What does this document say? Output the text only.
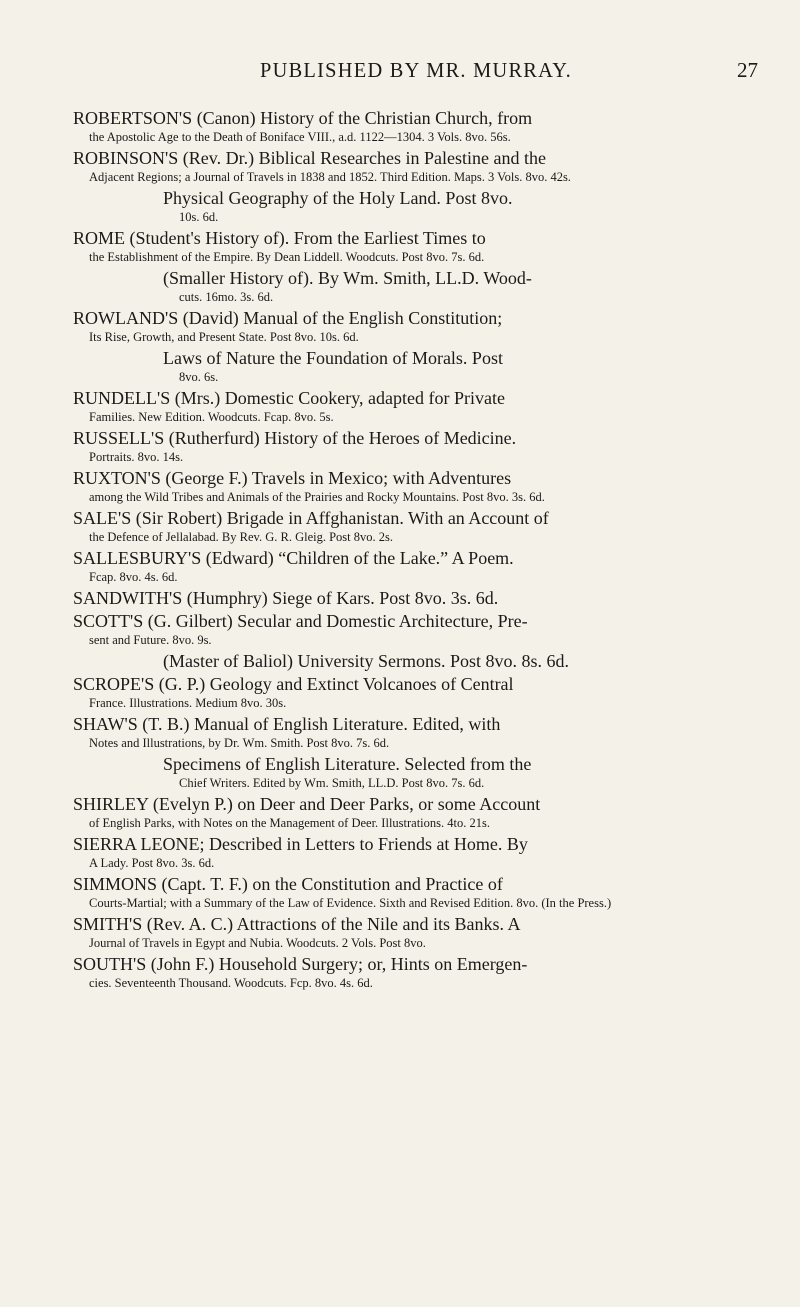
PUBLISHED BY MR. MURRAY.	27
ROBERTSON'S (Canon) History of the Christian Church, from
the Apostolic Age to the Death of Boniface VIII., a.d. 1122—1304. 3 Vols. 8vo. 56s.
ROBINSON'S (Rev. Dr.) Biblical Researches in Palestine and the
Adjacent Regions; a Journal of Travels in 1838 and 1852. Third Edition. Maps. 3 Vols. 8vo. 42s.
Physical Geography of the Holy Land. Post 8vo.
10s. 6d.
ROME (Student's History of). From the Earliest Times to
the Establishment of the Empire. By Dean Liddell. Woodcuts. Post 8vo. 7s. 6d.
(Smaller History of). By Wm. Smith, LL.D. Wood-
cuts. 16mo. 3s. 6d.
ROWLAND'S (David) Manual of the English Constitution;
Its Rise, Growth, and Present State. Post 8vo. 10s. 6d.
Laws of Nature the Foundation of Morals. Post
8vo. 6s.
RUNDELL'S (Mrs.) Domestic Cookery, adapted for Private
Families. New Edition. Woodcuts. Fcap. 8vo. 5s.
RUSSELL'S (Rutherfurd) History of the Heroes of Medicine.
Portraits. 8vo. 14s.
RUXTON'S (George F.) Travels in Mexico; with Adventures
among the Wild Tribes and Animals of the Prairies and Rocky Mountains. Post 8vo. 3s. 6d.
SALE'S (Sir Robert) Brigade in Affghanistan. With an Account of
the Defence of Jellalabad. By Rev. G. R. Gleig. Post 8vo. 2s.
SALLESBURY'S (Edward) “Children of the Lake.” A Poem.
Fcap. 8vo. 4s. 6d.
SANDWITH'S (Humphry) Siege of Kars. Post 8vo. 3s. 6d.
SCOTT'S (G. Gilbert) Secular and Domestic Architecture, Pre-
sent and Future. 8vo. 9s.
(Master of Baliol) University Sermons. Post 8vo. 8s. 6d.
SCROPE'S (G. P.) Geology and Extinct Volcanoes of Central
France. Illustrations. Medium 8vo. 30s.
SHAW'S (T. B.) Manual of English Literature. Edited, with
Notes and Illustrations, by Dr. Wm. Smith. Post 8vo. 7s. 6d.
Specimens of English Literature. Selected from the
Chief Writers. Edited by Wm. Smith, LL.D. Post 8vo. 7s. 6d.
SHIRLEY (Evelyn P.) on Deer and Deer Parks, or some Account
of English Parks, with Notes on the Management of Deer. Illustrations. 4to. 21s.
SIERRA LEONE; Described in Letters to Friends at Home. By
A Lady. Post 8vo. 3s. 6d.
SIMMONS (Capt. T. F.) on the Constitution and Practice of
Courts-Martial; with a Summary of the Law of Evidence. Sixth and Revised Edition. 8vo. (In the Press.)
SMITH'S (Rev. A. C.) Attractions of the Nile and its Banks. A
Journal of Travels in Egypt and Nubia. Woodcuts. 2 Vols. Post 8vo.
SOUTH'S (John F.) Household Surgery; or, Hints on Emergen-
cies. Seventeenth Thousand. Woodcuts. Fcp. 8vo. 4s. 6d.
